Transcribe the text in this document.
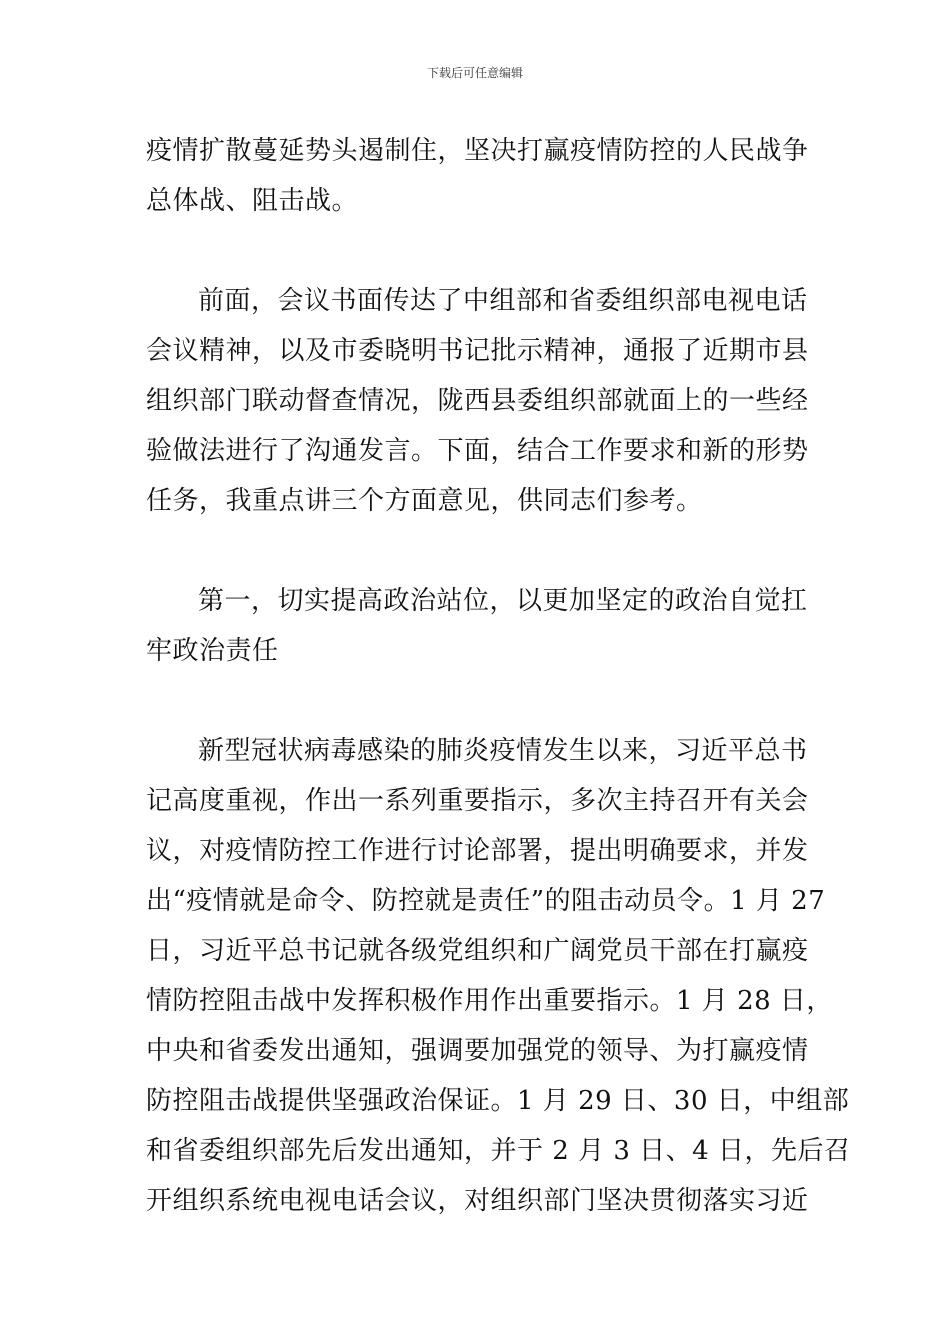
下载后可任意编辑
疫情扩散蔓延势头遏制住，坚决打赢疫情防控的人民战争
总体战、阻击战。
前面，会议书面传达了中组部和省委组织部电视电话
会议精神，以及市委晓明书记批示精神，通报了近期市县
组织部门联动督查情况，陇西县委组织部就面上的一些经
验做法进行了沟通发言。下面，结合工作要求和新的形势
任务，我重点讲三个方面意见，供同志们参考。
第一，切实提高政治站位，以更加坚定的政治自觉扛
牢政治责任
新型冠状病毒感染的肺炎疫情发生以来，习近平总书
记高度重视，作出一系列重要指示，多次主持召开有关会
议，对疫情防控工作进行讨论部署，提出明确要求，并发
出“疫情就是命令、防控就是责任”的阻击动员令。1 月 27
日，习近平总书记就各级党组织和广阔党员干部在打赢疫
情防控阻击战中发挥积极作用作出重要指示。1 月 28 日，
中央和省委发出通知，强调要加强党的领导、为打赢疫情
防控阻击战提供坚强政治保证。1 月 29 日、30 日，中组部
和省委组织部先后发出通知，并于 2 月 3 日、4 日，先后召
开组织系统电视电话会议，对组织部门坚决贯彻落实习近
